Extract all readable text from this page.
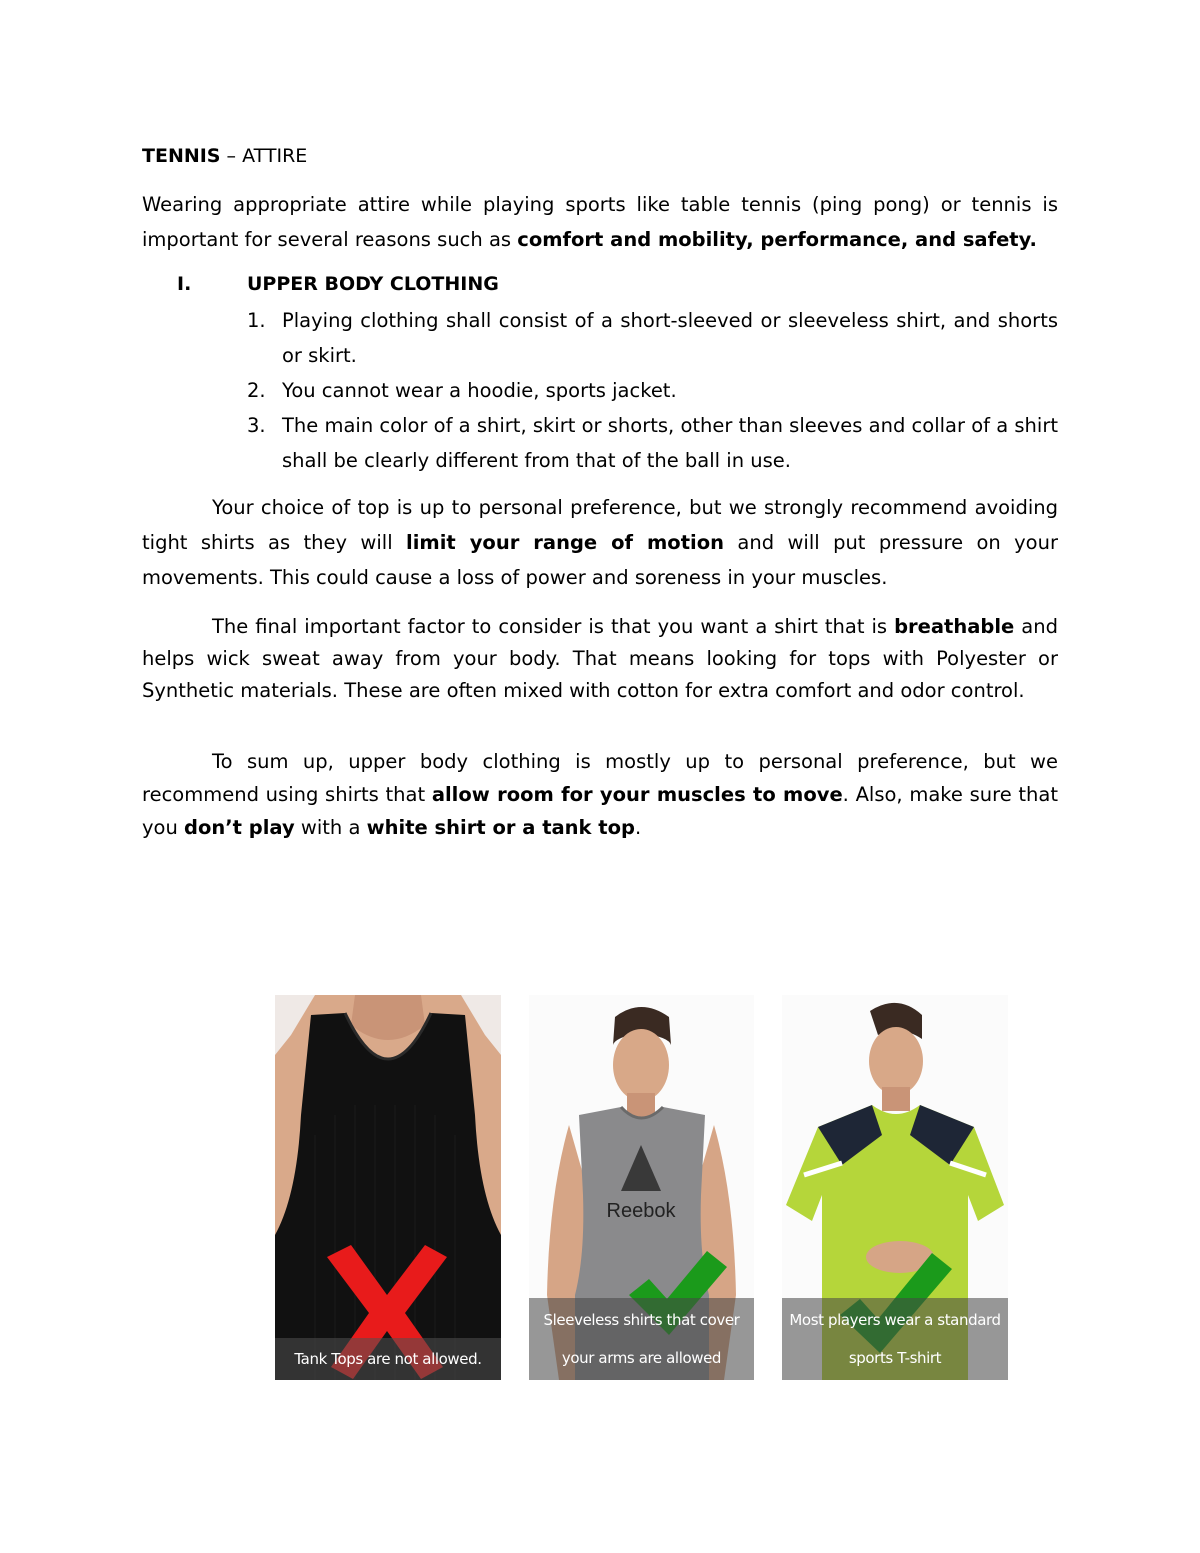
TENNIS – ATTIRE

Wearing appropriate attire while playing sports like table tennis (ping pong) or tennis is important for several reasons such as comfort and mobility, performance, and safety.

I.	UPPER BODY CLOTHING
1. Playing clothing shall consist of a short-sleeved or sleeveless shirt, and shorts or skirt.
2. You cannot wear a hoodie, sports jacket.
3. The main color of a shirt, skirt or shorts, other than sleeves and collar of a shirt shall be clearly different from that of the ball in use.

Your choice of top is up to personal preference, but we strongly recommend avoiding tight shirts as they will limit your range of motion and will put pressure on your movements. This could cause a loss of power and soreness in your muscles.

The final important factor to consider is that you want a shirt that is breathable and helps wick sweat away from your body. That means looking for tops with Polyester or Synthetic materials. These are often mixed with cotton for extra comfort and odor control.

To sum up, upper body clothing is mostly up to personal preference, but we recommend using shirts that allow room for your muscles to move. Also, make sure that you don’t play with a white shirt or a tank top.

Tank Tops are not allowed.
Reebok
Sleeveless shirts that cover
your arms are allowed
Most players wear a standard
sports T-shirt
